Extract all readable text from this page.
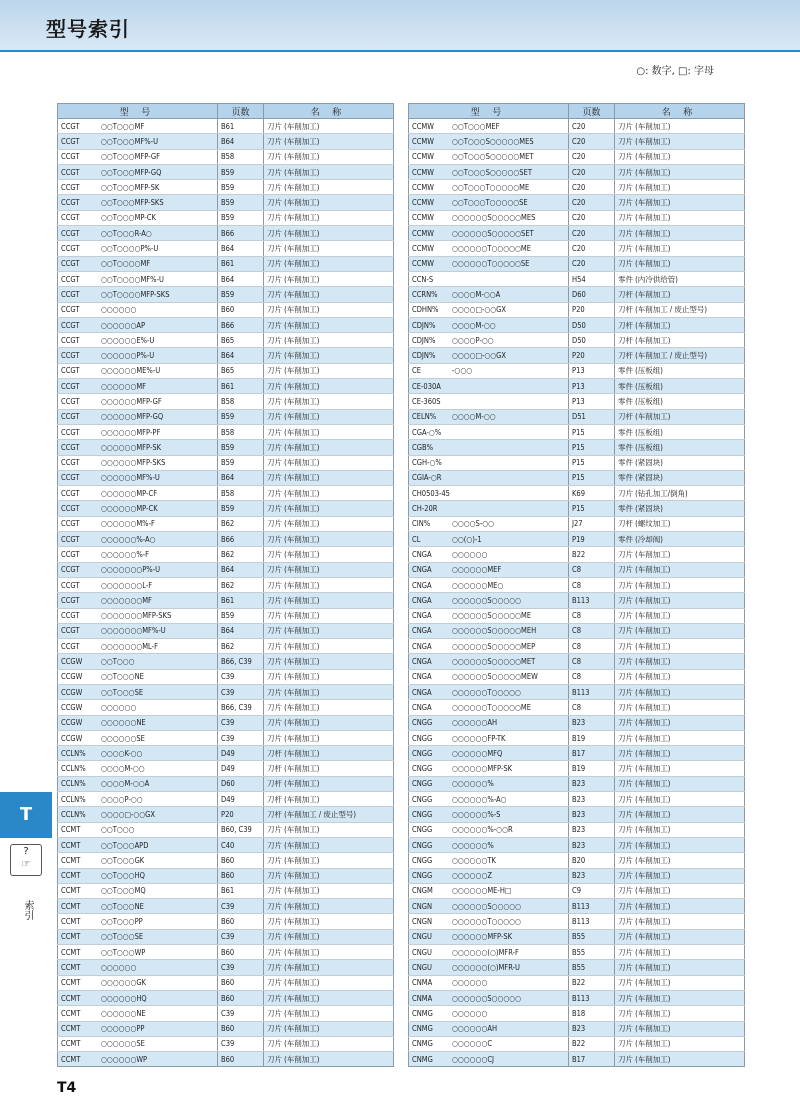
型号索引
○: 数字, □: 字母
型 号	页数	名 称
CCGT ○○T○○○MF	B61	刀片 (车削加工)
CCGT ○○T○○○MF%-U	B64	刀片 (车削加工)
CCGT ○○T○○○MFP-GF	B58	刀片 (车削加工)
CCGT ○○T○○○MFP-GQ	B59	刀片 (车削加工)
CCGT ○○T○○○MFP-SK	B59	刀片 (车削加工)
CCGT ○○T○○○MFP-SKS	B59	刀片 (车削加工)
CCGT ○○T○○○MP-CK	B59	刀片 (车削加工)
CCGT ○○T○○○R-A○	B66	刀片 (车削加工)
CCGT ○○T○○○○P%-U	B64	刀片 (车削加工)
CCGT ○○T○○○○MF	B61	刀片 (车削加工)
CCGT ○○T○○○○MF%-U	B64	刀片 (车削加工)
CCGT ○○T○○○○MFP-SKS	B59	刀片 (车削加工)
CCGT ○○○○○○	B60	刀片 (车削加工)
CCGT ○○○○○○AP	B66	刀片 (车削加工)
CCGT ○○○○○○E%-U	B65	刀片 (车削加工)
CCGT ○○○○○○P%-U	B64	刀片 (车削加工)
CCGT ○○○○○○ME%-U	B65	刀片 (车削加工)
CCGT ○○○○○○MF	B61	刀片 (车削加工)
CCGT ○○○○○○MFP-GF	B58	刀片 (车削加工)
CCGT ○○○○○○MFP-GQ	B59	刀片 (车削加工)
CCGT ○○○○○○MFP-PF	B58	刀片 (车削加工)
CCGT ○○○○○○MFP-SK	B59	刀片 (车削加工)
CCGT ○○○○○○MFP-SKS	B59	刀片 (车削加工)
CCGT ○○○○○○MF%-U	B64	刀片 (车削加工)
CCGT ○○○○○○MP-CF	B58	刀片 (车削加工)
CCGT ○○○○○○MP-CK	B59	刀片 (车削加工)
CCGT ○○○○○○M%-F	B62	刀片 (车削加工)
CCGT ○○○○○○%-A○	B66	刀片 (车削加工)
CCGT ○○○○○○%-F	B62	刀片 (车削加工)
CCGT ○○○○○○○P%-U	B64	刀片 (车削加工)
CCGT ○○○○○○○L-F	B62	刀片 (车削加工)
CCGT ○○○○○○○MF	B61	刀片 (车削加工)
CCGT ○○○○○○○MFP-SKS	B59	刀片 (车削加工)
CCGT ○○○○○○○MF%-U	B64	刀片 (车削加工)
CCGT ○○○○○○○ML-F	B62	刀片 (车削加工)
CCGW ○○T○○○	B66, C39	刀片 (车削加工)
CCGW ○○T○○○NE	C39	刀片 (车削加工)
CCGW ○○T○○○SE	C39	刀片 (车削加工)
CCGW ○○○○○○	B66, C39	刀片 (车削加工)
CCGW ○○○○○○NE	C39	刀片 (车削加工)
CCGW ○○○○○○SE	C39	刀片 (车削加工)
CCLN% ○○○○K-○○	D49	刀杆 (车削加工)
CCLN% ○○○○M-○○	D49	刀杆 (车削加工)
CCLN% ○○○○M-○○A	D60	刀杆 (车削加工)
CCLN% ○○○○P-○○	D49	刀杆 (车削加工)
CCLN% ○○○○□-○○GX	P20	刀杆 (车削加工 / 废止型号)
CCMT ○○T○○○	B60, C39	刀片 (车削加工)
CCMT ○○T○○○APD	C40	刀片 (车削加工)
CCMT ○○T○○○GK	B60	刀片 (车削加工)
CCMT ○○T○○○HQ	B60	刀片 (车削加工)
CCMT ○○T○○○MQ	B61	刀片 (车削加工)
CCMT ○○T○○○NE	C39	刀片 (车削加工)
CCMT ○○T○○○PP	B60	刀片 (车削加工)
CCMT ○○T○○○SE	C39	刀片 (车削加工)
CCMT ○○T○○○WP	B60	刀片 (车削加工)
CCMT ○○○○○○	C39	刀片 (车削加工)
CCMT ○○○○○○GK	B60	刀片 (车削加工)
CCMT ○○○○○○HQ	B60	刀片 (车削加工)
CCMT ○○○○○○NE	C39	刀片 (车削加工)
CCMT ○○○○○○PP	B60	刀片 (车削加工)
CCMT ○○○○○○SE	C39	刀片 (车削加工)
CCMT ○○○○○○WP	B60	刀片 (车削加工)
型 号	页数	名 称
CCMW ○○T○○○MEF	C20	刀片 (车削加工)
CCMW ○○T○○○S○○○○○MES	C20	刀片 (车削加工)
CCMW ○○T○○○S○○○○○MET	C20	刀片 (车削加工)
CCMW ○○T○○○S○○○○○SET	C20	刀片 (车削加工)
CCMW ○○T○○○T○○○○○ME	C20	刀片 (车削加工)
CCMW ○○T○○○T○○○○○SE	C20	刀片 (车削加工)
CCMW ○○○○○○S○○○○○MES	C20	刀片 (车削加工)
CCMW ○○○○○○S○○○○○SET	C20	刀片 (车削加工)
CCMW ○○○○○○T○○○○○ME	C20	刀片 (车削加工)
CCMW ○○○○○○T○○○○○SE	C20	刀片 (车削加工)
CCN-S	H54	零件 (内冷供给管)
CCRN% ○○○○M-○○A	D60	刀杆 (车削加工)
CDHN% ○○○○□-○○GX	P20	刀杆 (车削加工 / 废止型号)
CDJN% ○○○○M-○○	D50	刀杆 (车削加工)
CDJN% ○○○○P-○○	D50	刀杆 (车削加工)
CDJN% ○○○○□-○○GX	P20	刀杆 (车削加工 / 废止型号)
CE -○○○	P13	零件 (压板组)
CE-030A	P13	零件 (压板组)
CE-360S	P13	零件 (压板组)
CELN% ○○○○M-○○	D51	刀杆 (车削加工)
CGA-○%	P15	零件 (压板组)
CGB%	P15	零件 (压板组)
CGH-○%	P15	零件 (紧固块)
CGIA-○R	P15	零件 (紧固块)
CH0503-45	K69	刀片 (钻孔加工/倒角)
CH-20R	P15	零件 (紧固块)
CIN% ○○○○S-○○	J27	刀杆 (螺纹加工)
CL ○○(○)-1	P19	零件 (冷却阀)
CNGA ○○○○○○	B22	刀片 (车削加工)
CNGA ○○○○○○MEF	C8	刀片 (车削加工)
CNGA ○○○○○○ME○	C8	刀片 (车削加工)
CNGA ○○○○○○S○○○○○	B113	刀片 (车削加工)
CNGA ○○○○○○S○○○○○ME	C8	刀片 (车削加工)
CNGA ○○○○○○S○○○○○MEH	C8	刀片 (车削加工)
CNGA ○○○○○○S○○○○○MEP	C8	刀片 (车削加工)
CNGA ○○○○○○S○○○○○MET	C8	刀片 (车削加工)
CNGA ○○○○○○S○○○○○MEW	C8	刀片 (车削加工)
CNGA ○○○○○○T○○○○○	B113	刀片 (车削加工)
CNGA ○○○○○○T○○○○○ME	C8	刀片 (车削加工)
CNGG ○○○○○○AH	B23	刀片 (车削加工)
CNGG ○○○○○○FP-TK	B19	刀片 (车削加工)
CNGG ○○○○○○MFQ	B17	刀片 (车削加工)
CNGG ○○○○○○MFP-SK	B19	刀片 (车削加工)
CNGG ○○○○○○%	B23	刀片 (车削加工)
CNGG ○○○○○○%-A○	B23	刀片 (车削加工)
CNGG ○○○○○○%-S	B23	刀片 (车削加工)
CNGG ○○○○○○%-○○R	B23	刀片 (车削加工)
CNGG ○○○○○○%	B23	刀片 (车削加工)
CNGG ○○○○○○TK	B20	刀片 (车削加工)
CNGG ○○○○○○Z	B23	刀片 (车削加工)
CNGM ○○○○○○ME-H□	C9	刀片 (车削加工)
CNGN ○○○○○○S○○○○○	B113	刀片 (车削加工)
CNGN ○○○○○○T○○○○○	B113	刀片 (车削加工)
CNGU ○○○○○○MFP-SK	B55	刀片 (车削加工)
CNGU ○○○○○○(○)MFR-F	B55	刀片 (车削加工)
CNGU ○○○○○○(○)MFR-U	B55	刀片 (车削加工)
CNMA ○○○○○○	B22	刀片 (车削加工)
CNMA ○○○○○○S○○○○○	B113	刀片 (车削加工)
CNMG ○○○○○○	B18	刀片 (车削加工)
CNMG ○○○○○○AH	B23	刀片 (车削加工)
CNMG ○○○○○○C	B22	刀片 (车削加工)
CNMG ○○○○○○CJ	B17	刀片 (车削加工)
T
?
☞
索引
T4
